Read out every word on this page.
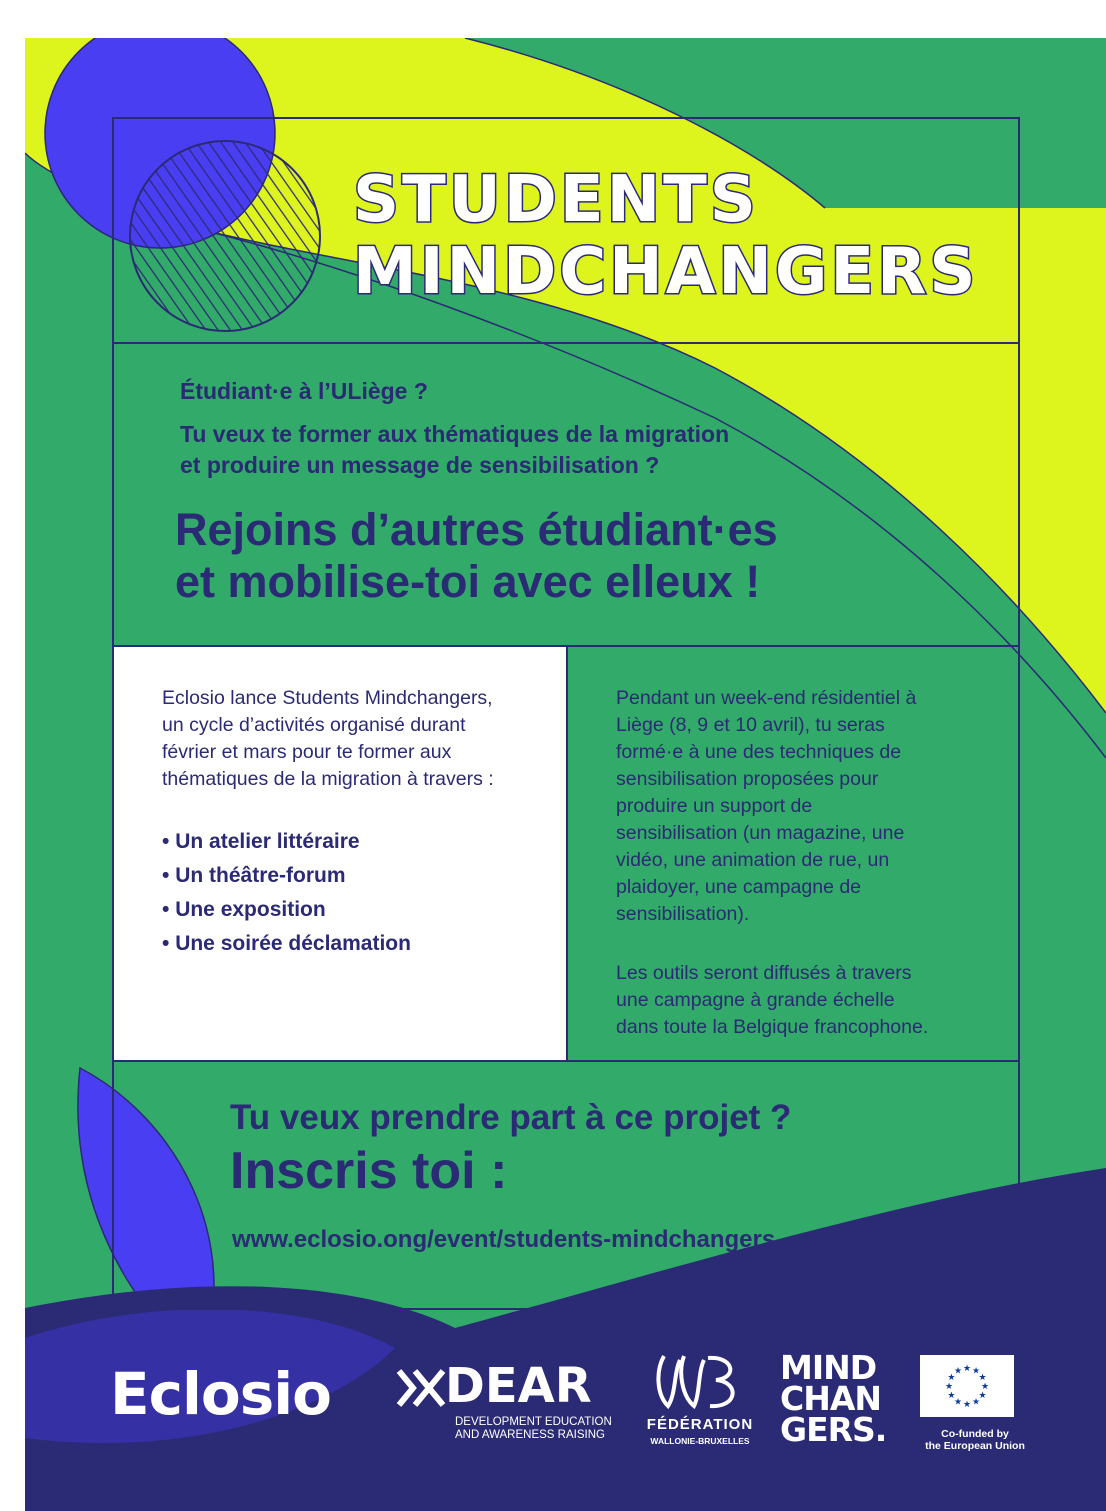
STUDENTS
MINDCHANGERS
Étudiant·e à l’ULiège ?
Tu veux te former aux thématiques de la migration
et produire un message de sensibilisation ?
Rejoins d’autres étudiant·es
et mobilise-toi avec elleux !
Eclosio lance Students Mindchangers,
un cycle d’activités organisé durant
février et mars pour te former aux
thématiques de la migration à travers :
• Un atelier littéraire
• Un théâtre-forum
• Une exposition
• Une soirée déclamation
Pendant un week-end résidentiel à
Liège (8, 9 et 10 avril), tu seras
formé·e à une des techniques de
sensibilisation proposées pour
produire un support de
sensibilisation (un magazine, une
vidéo, une animation de rue, un
plaidoyer, une campagne de
sensibilisation).
Les outils seront diffusés à travers
une campagne à grande échelle
dans toute la Belgique francophone.
Tu veux prendre part à ce projet ?
Inscris toi :
www.eclosio.ong/event/students-mindchangers
Eclosio DEAR
DEVELOPMENT EDUCATION
AND AWARENESS RAISING
FÉDÉRATION
WALLONIE-BRUXELLES
MIND
CHAN
GERS.
★ ★
★
★
★
★
★
★
★
★
★
★
Co-funded by
the European Union
